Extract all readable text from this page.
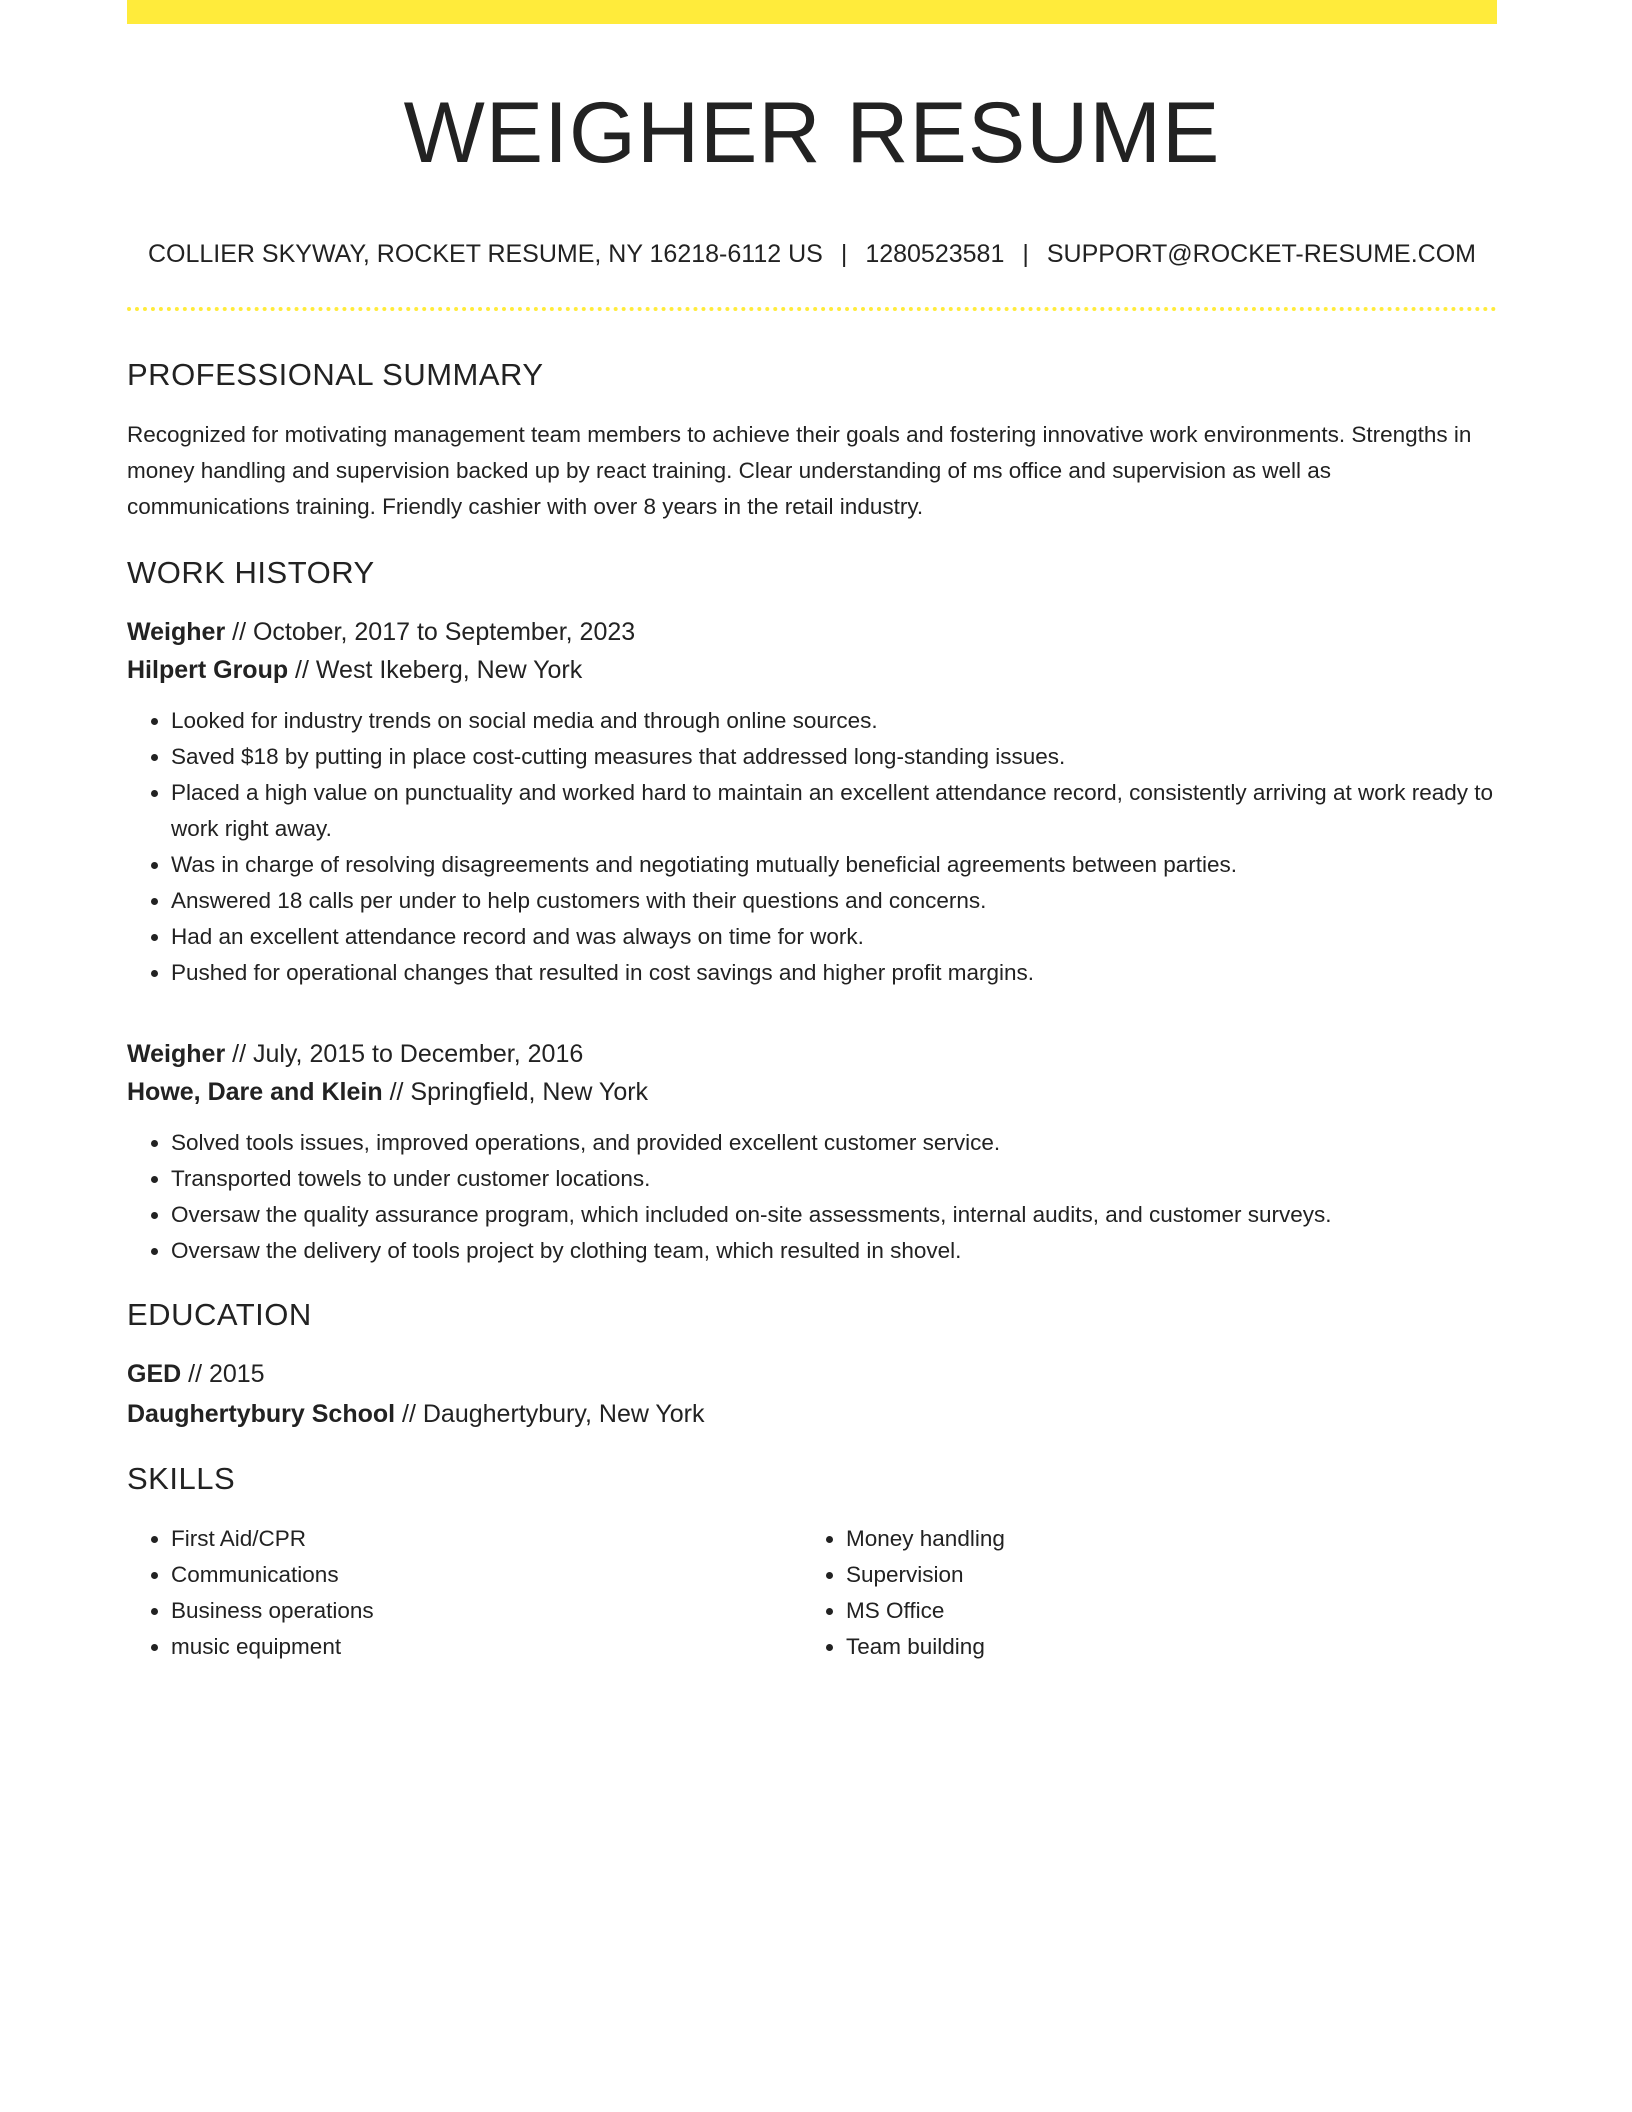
WEIGHER RESUME
COLLIER SKYWAY, ROCKET RESUME, NY 16218-6112 US | 1280523581 | SUPPORT@ROCKET-RESUME.COM
PROFESSIONAL SUMMARY
Recognized for motivating management team members to achieve their goals and fostering innovative work environments. Strengths in money handling and supervision backed up by react training. Clear understanding of ms office and supervision as well as communications training. Friendly cashier with over 8 years in the retail industry.
WORK HISTORY
Weigher // October, 2017 to September, 2023
Hilpert Group // West Ikeberg, New York
• Looked for industry trends on social media and through online sources.
• Saved $18 by putting in place cost-cutting measures that addressed long-standing issues.
• Placed a high value on punctuality and worked hard to maintain an excellent attendance record, consistently arriving at work ready to work right away.
• Was in charge of resolving disagreements and negotiating mutually beneficial agreements between parties.
• Answered 18 calls per under to help customers with their questions and concerns.
• Had an excellent attendance record and was always on time for work.
• Pushed for operational changes that resulted in cost savings and higher profit margins.
Weigher // July, 2015 to December, 2016
Howe, Dare and Klein // Springfield, New York
• Solved tools issues, improved operations, and provided excellent customer service.
• Transported towels to under customer locations.
• Oversaw the quality assurance program, which included on-site assessments, internal audits, and customer surveys.
• Oversaw the delivery of tools project by clothing team, which resulted in shovel.
EDUCATION
GED // 2015
Daughertybury School // Daughertybury, New York
SKILLS
• First Aid/CPR
• Communications
• Business operations
• music equipment
• Money handling
• Supervision
• MS Office
• Team building
